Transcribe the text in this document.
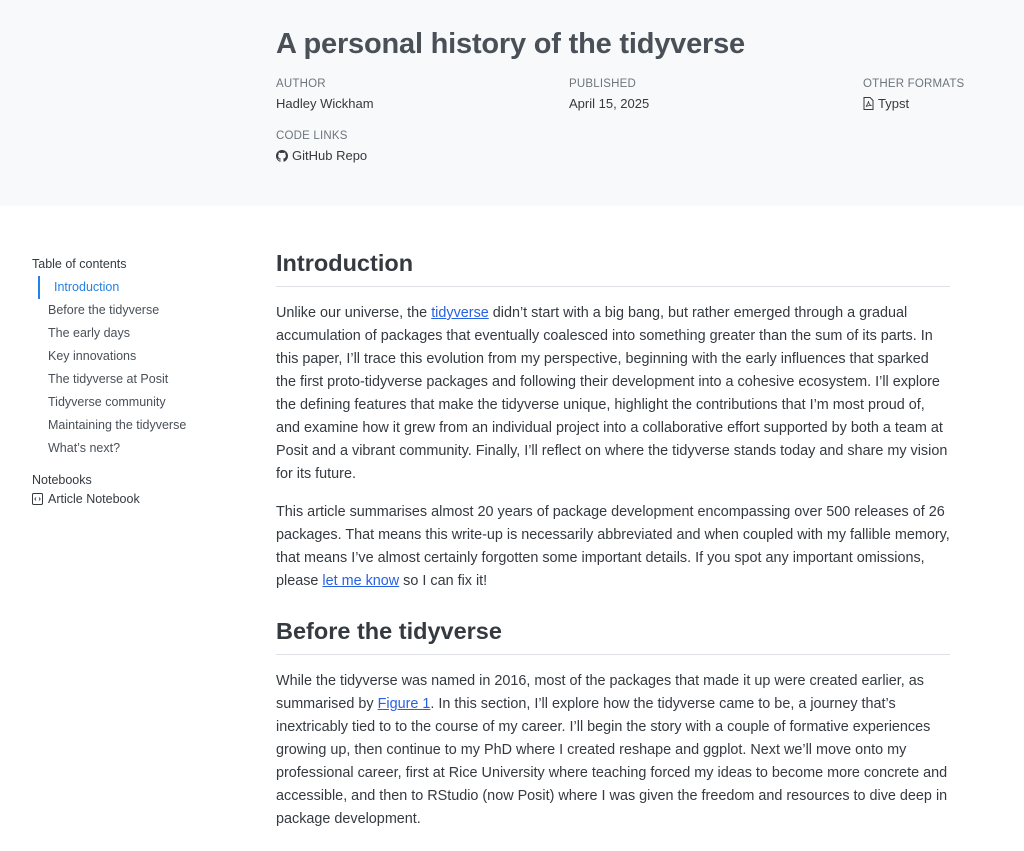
A personal history of the tidyverse
AUTHOR
Hadley Wickham
PUBLISHED
April 15, 2025
OTHER FORMATS
Typst
CODE LINKS
GitHub Repo
Table of contents
Introduction
Before the tidyverse
The early days
Key innovations
The tidyverse at Posit
Tidyverse community
Maintaining the tidyverse
What’s next?
Notebooks
Article Notebook
Introduction

Unlike our universe, the tidyverse didn’t start with a big bang, but rather emerged through a gradual accumulation of packages that eventually coalesced into something greater than the sum of its parts. In this paper, I’ll trace this evolution from my perspective, beginning with the early influences that sparked the first proto-tidyverse packages and following their development into a cohesive ecosystem. I’ll explore the defining features that make the tidyverse unique, highlight the contributions that I’m most proud of, and examine how it grew from an individual project into a collaborative effort supported by both a team at Posit and a vibrant community. Finally, I’ll reflect on where the tidyverse stands today and share my vision for its future.

This article summarises almost 20 years of package development encompassing over 500 releases of 26 packages. That means this write-up is necessarily abbreviated and when coupled with my fallible memory, that means I’ve almost certainly forgotten some important details. If you spot any important omissions, please let me know so I can fix it!

Before the tidyverse

While the tidyverse was named in 2016, most of the packages that made it up were created earlier, as summarised by Figure 1. In this section, I’ll explore how the tidyverse came to be, a journey that’s inextricably tied to to the course of my career. I’ll begin the story with a couple of formative experiences growing up, then continue to my PhD where I created reshape and ggplot. Next we’ll move onto my professional career, first at Rice University where teaching forced my ideas to become more concrete and accessible, and then to RStudio (now Posit) where I was given the freedom and resources to dive deep in package development.
